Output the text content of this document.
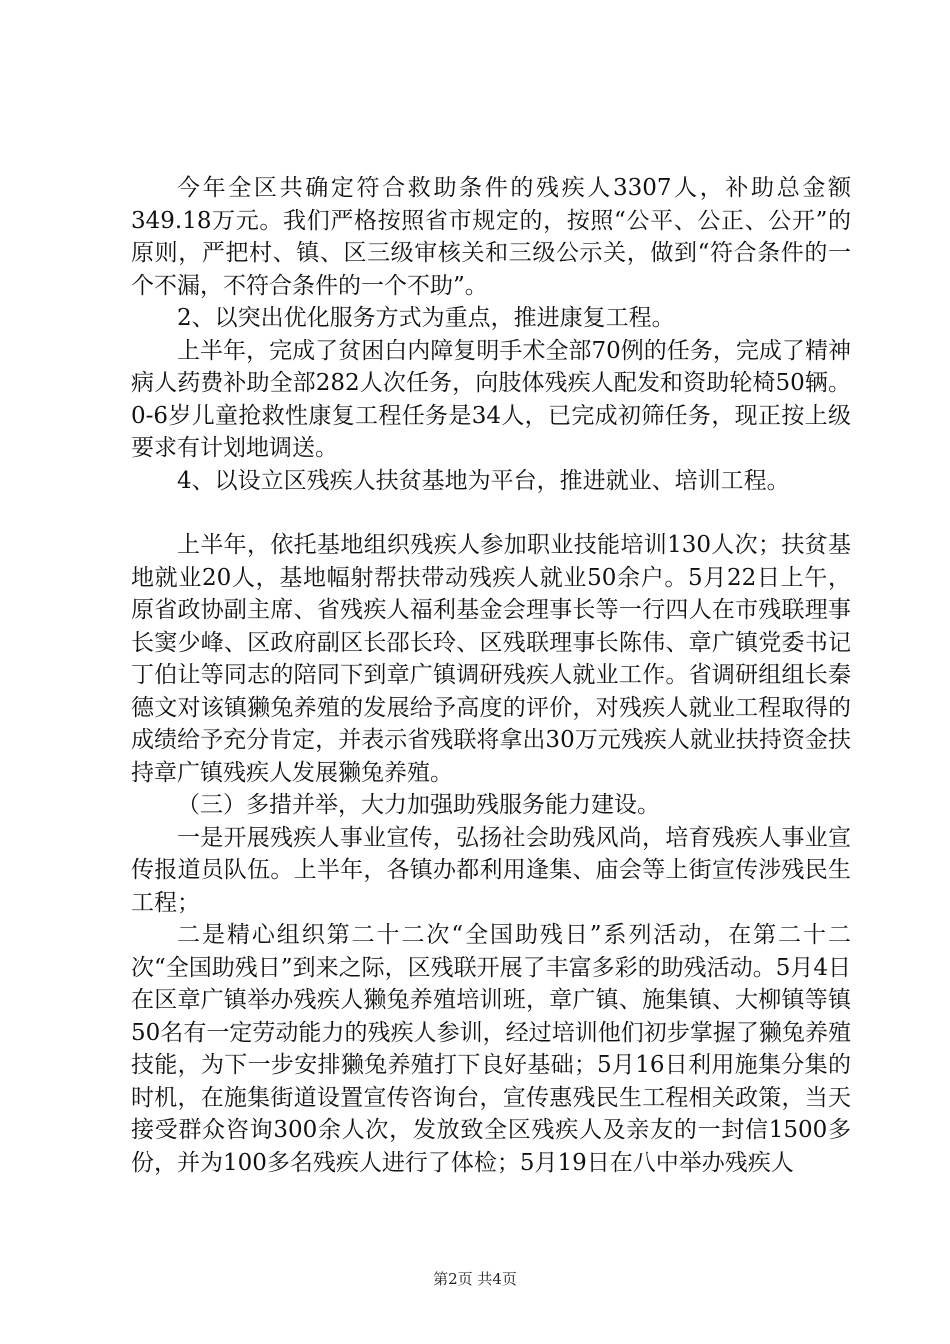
今年全区共确定符合救助条件的残疾人3307人，补助总金额349.18万元。我们严格按照省市规定的，按照“公平、公正、公开”的原则，严把村、镇、区三级审核关和三级公示关，做到“符合条件的一个不漏，不符合条件的一个不助”。

2、以突出优化服务方式为重点，推进康复工程。

上半年，完成了贫困白内障复明手术全部70例的任务，完成了精神病人药费补助全部282人次任务，向肢体残疾人配发和资助轮椅50辆。0-6岁儿童抢救性康复工程任务是34人，已完成初筛任务，现正按上级要求有计划地调送。

4、以设立区残疾人扶贫基地为平台，推进就业、培训工程。

上半年，依托基地组织残疾人参加职业技能培训130人次；扶贫基地就业20人，基地幅射帮扶带动残疾人就业50余户。5月22日上午，原省政协副主席、省残疾人福利基金会理事长等一行四人在市残联理事长窦少峰、区政府副区长邵长玲、区残联理事长陈伟、章广镇党委书记丁伯让等同志的陪同下到章广镇调研残疾人就业工作。省调研组组长秦德文对该镇獭兔养殖的发展给予高度的评价，对残疾人就业工程取得的成绩给予充分肯定，并表示省残联将拿出30万元残疾人就业扶持资金扶持章广镇残疾人发展獭兔养殖。

（三）多措并举，大力加强助残服务能力建设。

一是开展残疾人事业宣传，弘扬社会助残风尚，培育残疾人事业宣传报道员队伍。上半年，各镇办都利用逢集、庙会等上街宣传涉残民生工程；

二是精心组织第二十二次“全国助残日”系列活动，在第二十二次“全国助残日”到来之际，区残联开展了丰富多彩的助残活动。5月4日在区章广镇举办残疾人獭兔养殖培训班，章广镇、施集镇、大柳镇等镇50名有一定劳动能力的残疾人参训，经过培训他们初步掌握了獭兔养殖技能，为下一步安排獭兔养殖打下良好基础；5月16日利用施集分集的时机，在施集街道设置宣传咨询台，宣传惠残民生工程相关政策，当天接受群众咨询300余人次，发放致全区残疾人及亲友的一封信1500多份，并为100多名残疾人进行了体检；5月19日在八中举办残疾人

第2页 共4页
